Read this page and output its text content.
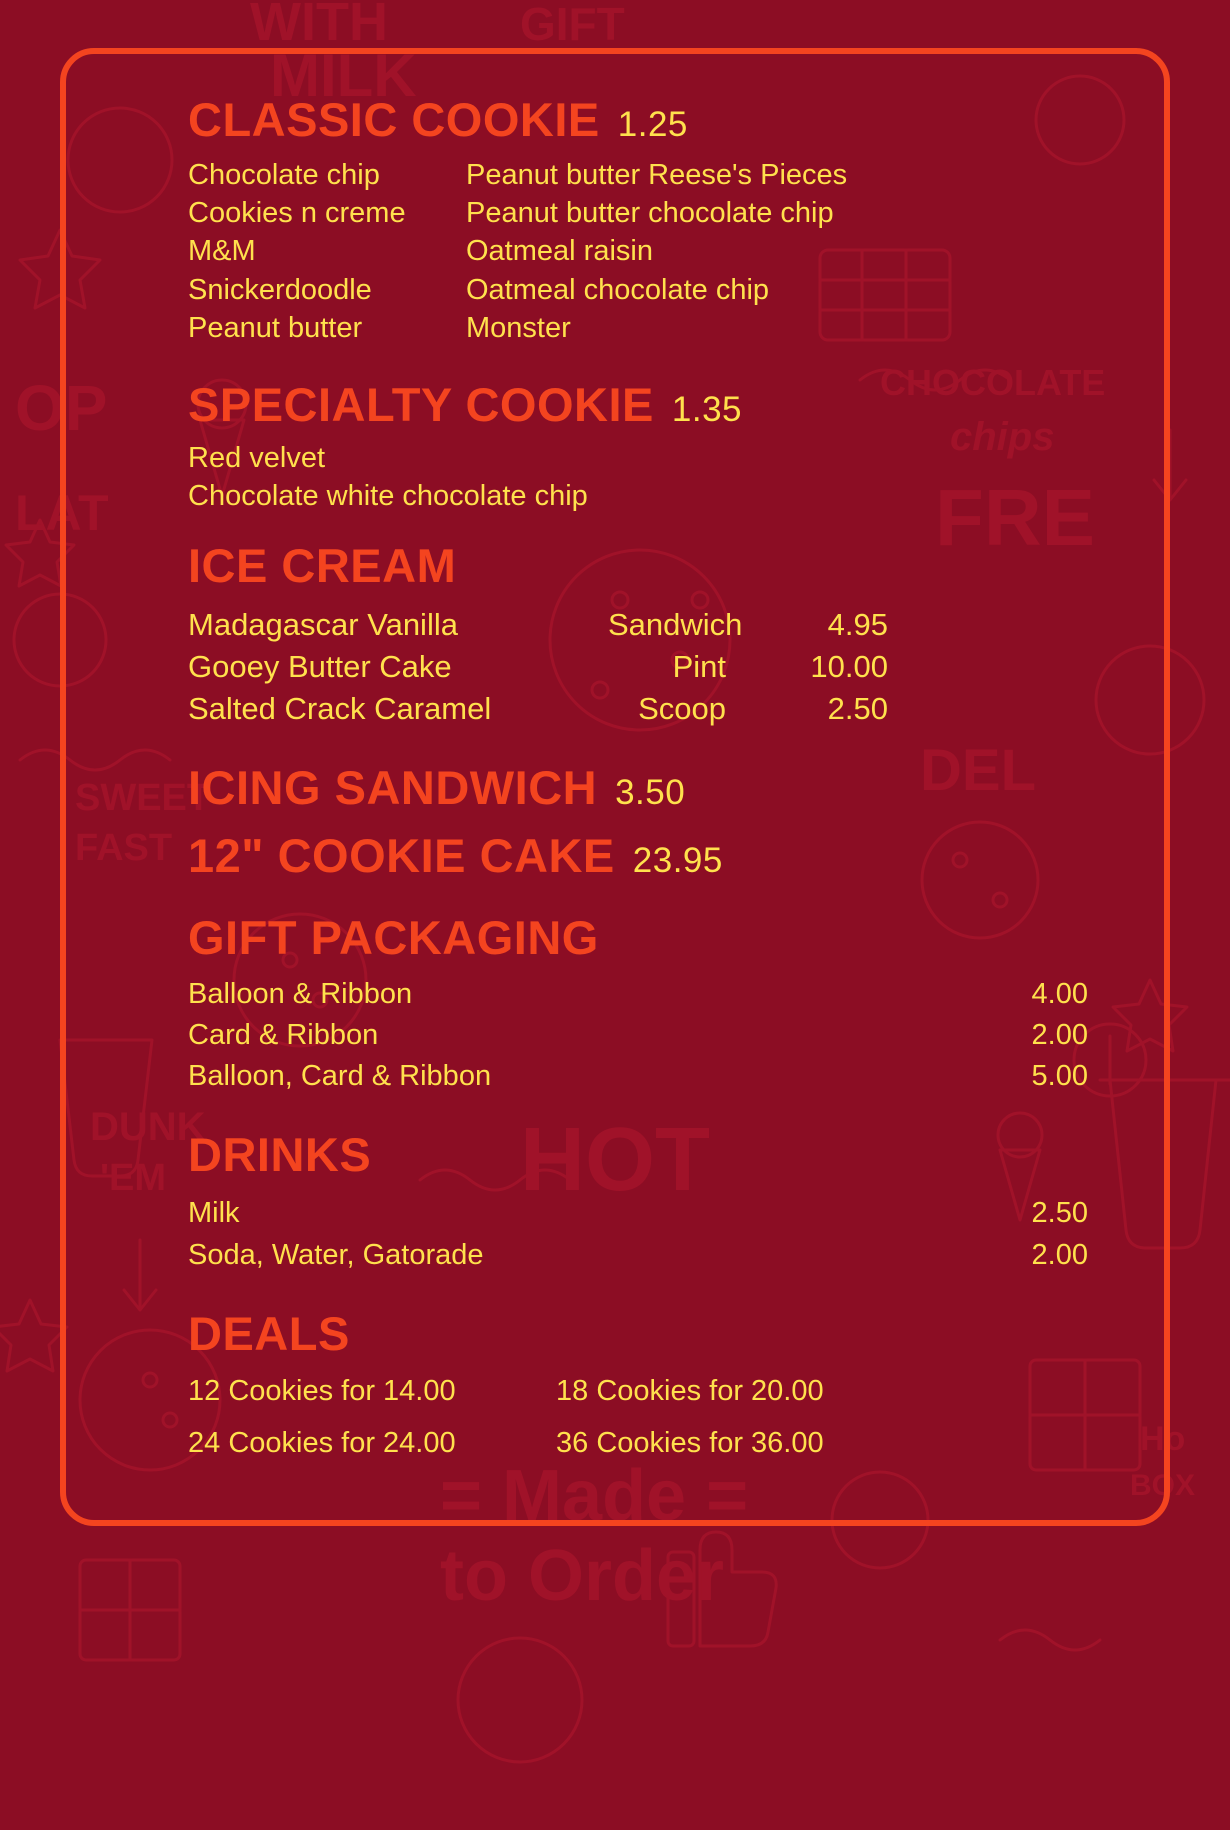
WITH
MILK
GIFT
CHOCOLATE
chips
FRE
DEL
HOT
DUNK
'EM
= Made =
to Order
SWEET
FAST
Ho
BOX
OP
LAT
CLASSIC COOKIE 1.25
Chocolate chip
Cookies n creme
M&M
Snickerdoodle
Peanut butter
Peanut butter Reese's Pieces
Peanut butter chocolate chip
Oatmeal raisin
Oatmeal chocolate chip
Monster
SPECIALTY COOKIE 1.35
Red velvet
Chocolate white chocolate chip
ICE CREAM
Madagascar Vanilla	Sandwich	4.95
Gooey Butter Cake	Pint	10.00
Salted Crack Caramel	Scoop	2.50
ICING SANDWICH 3.50
12" COOKIE CAKE 23.95
GIFT PACKAGING
Balloon & Ribbon	4.00
Card & Ribbon	2.00
Balloon, Card & Ribbon	5.00
DRINKS
Milk	2.50
Soda, Water, Gatorade	2.00
DEALS
12 Cookies for 14.00	18 Cookies for 20.00
24 Cookies for 24.00	36 Cookies for 36.00
